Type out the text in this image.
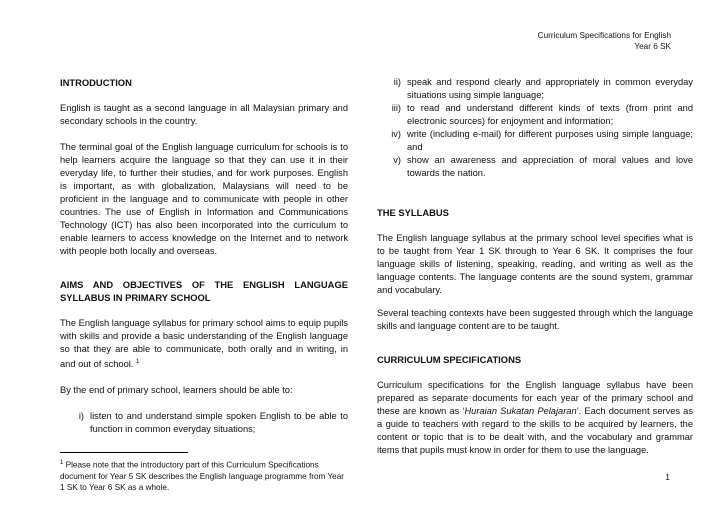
Curriculum Specifications for English
Year 6 SK
INTRODUCTION

English is taught as a second language in all Malaysian primary and secondary schools in the country.

The terminal goal of the English language curriculum for schools is to help learners acquire the language so that they can use it in their everyday life, to further their studies, and for work purposes. English is important, as with globalization, Malaysians will need to be proficient in the language and to communicate with people in other countries. The use of English in Information and Communications Technology (ICT) has also been incorporated into the curriculum to enable learners to access knowledge on the Internet and to network with people both locally and overseas.

AIMS AND OBJECTIVES OF THE ENGLISH LANGUAGE SYLLABUS IN PRIMARY SCHOOL

The English language syllabus for primary school aims to equip pupils with skills and provide a basic understanding of the English language so that they are able to communicate, both orally and in writing, in and out of school. $^1$

By the end of primary school, learners should be able to:

i) listen to and understand simple spoken English to be able to function in common everyday situations;
$^1$ Please note that the introductory part of this Curriculum Specifications document for Year 5 SK describes the English language programme from Year 1 SK to Year 6 SK as a whole.
ii) speak and respond clearly and appropriately in common everyday situations using simple language;
iii) to read and understand different kinds of texts (from print and electronic sources) for enjoyment and information;
iv) write (including e-mail) for different purposes using simple language; and
v) show an awareness and appreciation of moral values and love towards the nation.
THE SYLLABUS

The English language syllabus at the primary school level specifies what is to be taught from Year 1 SK through to Year 6 SK. It comprises the four language skills of listening, speaking, reading, and writing as well as the language contents. The language contents are the sound system, grammar and vocabulary.

Several teaching contexts have been suggested through which the language skills and language content are to be taught.

CURRICULUM SPECIFICATIONS

Curriculum specifications for the English language syllabus have been prepared as separate documents for each year of the primary school and these are known as ‘Huraian Sukatan Pelajaran’. Each document serves as a guide to teachers with regard to the skills to be acquired by learners, the content or topic that is to be dealt with, and the vocabulary and grammar items that pupils must know in order for them to use the language.

1
